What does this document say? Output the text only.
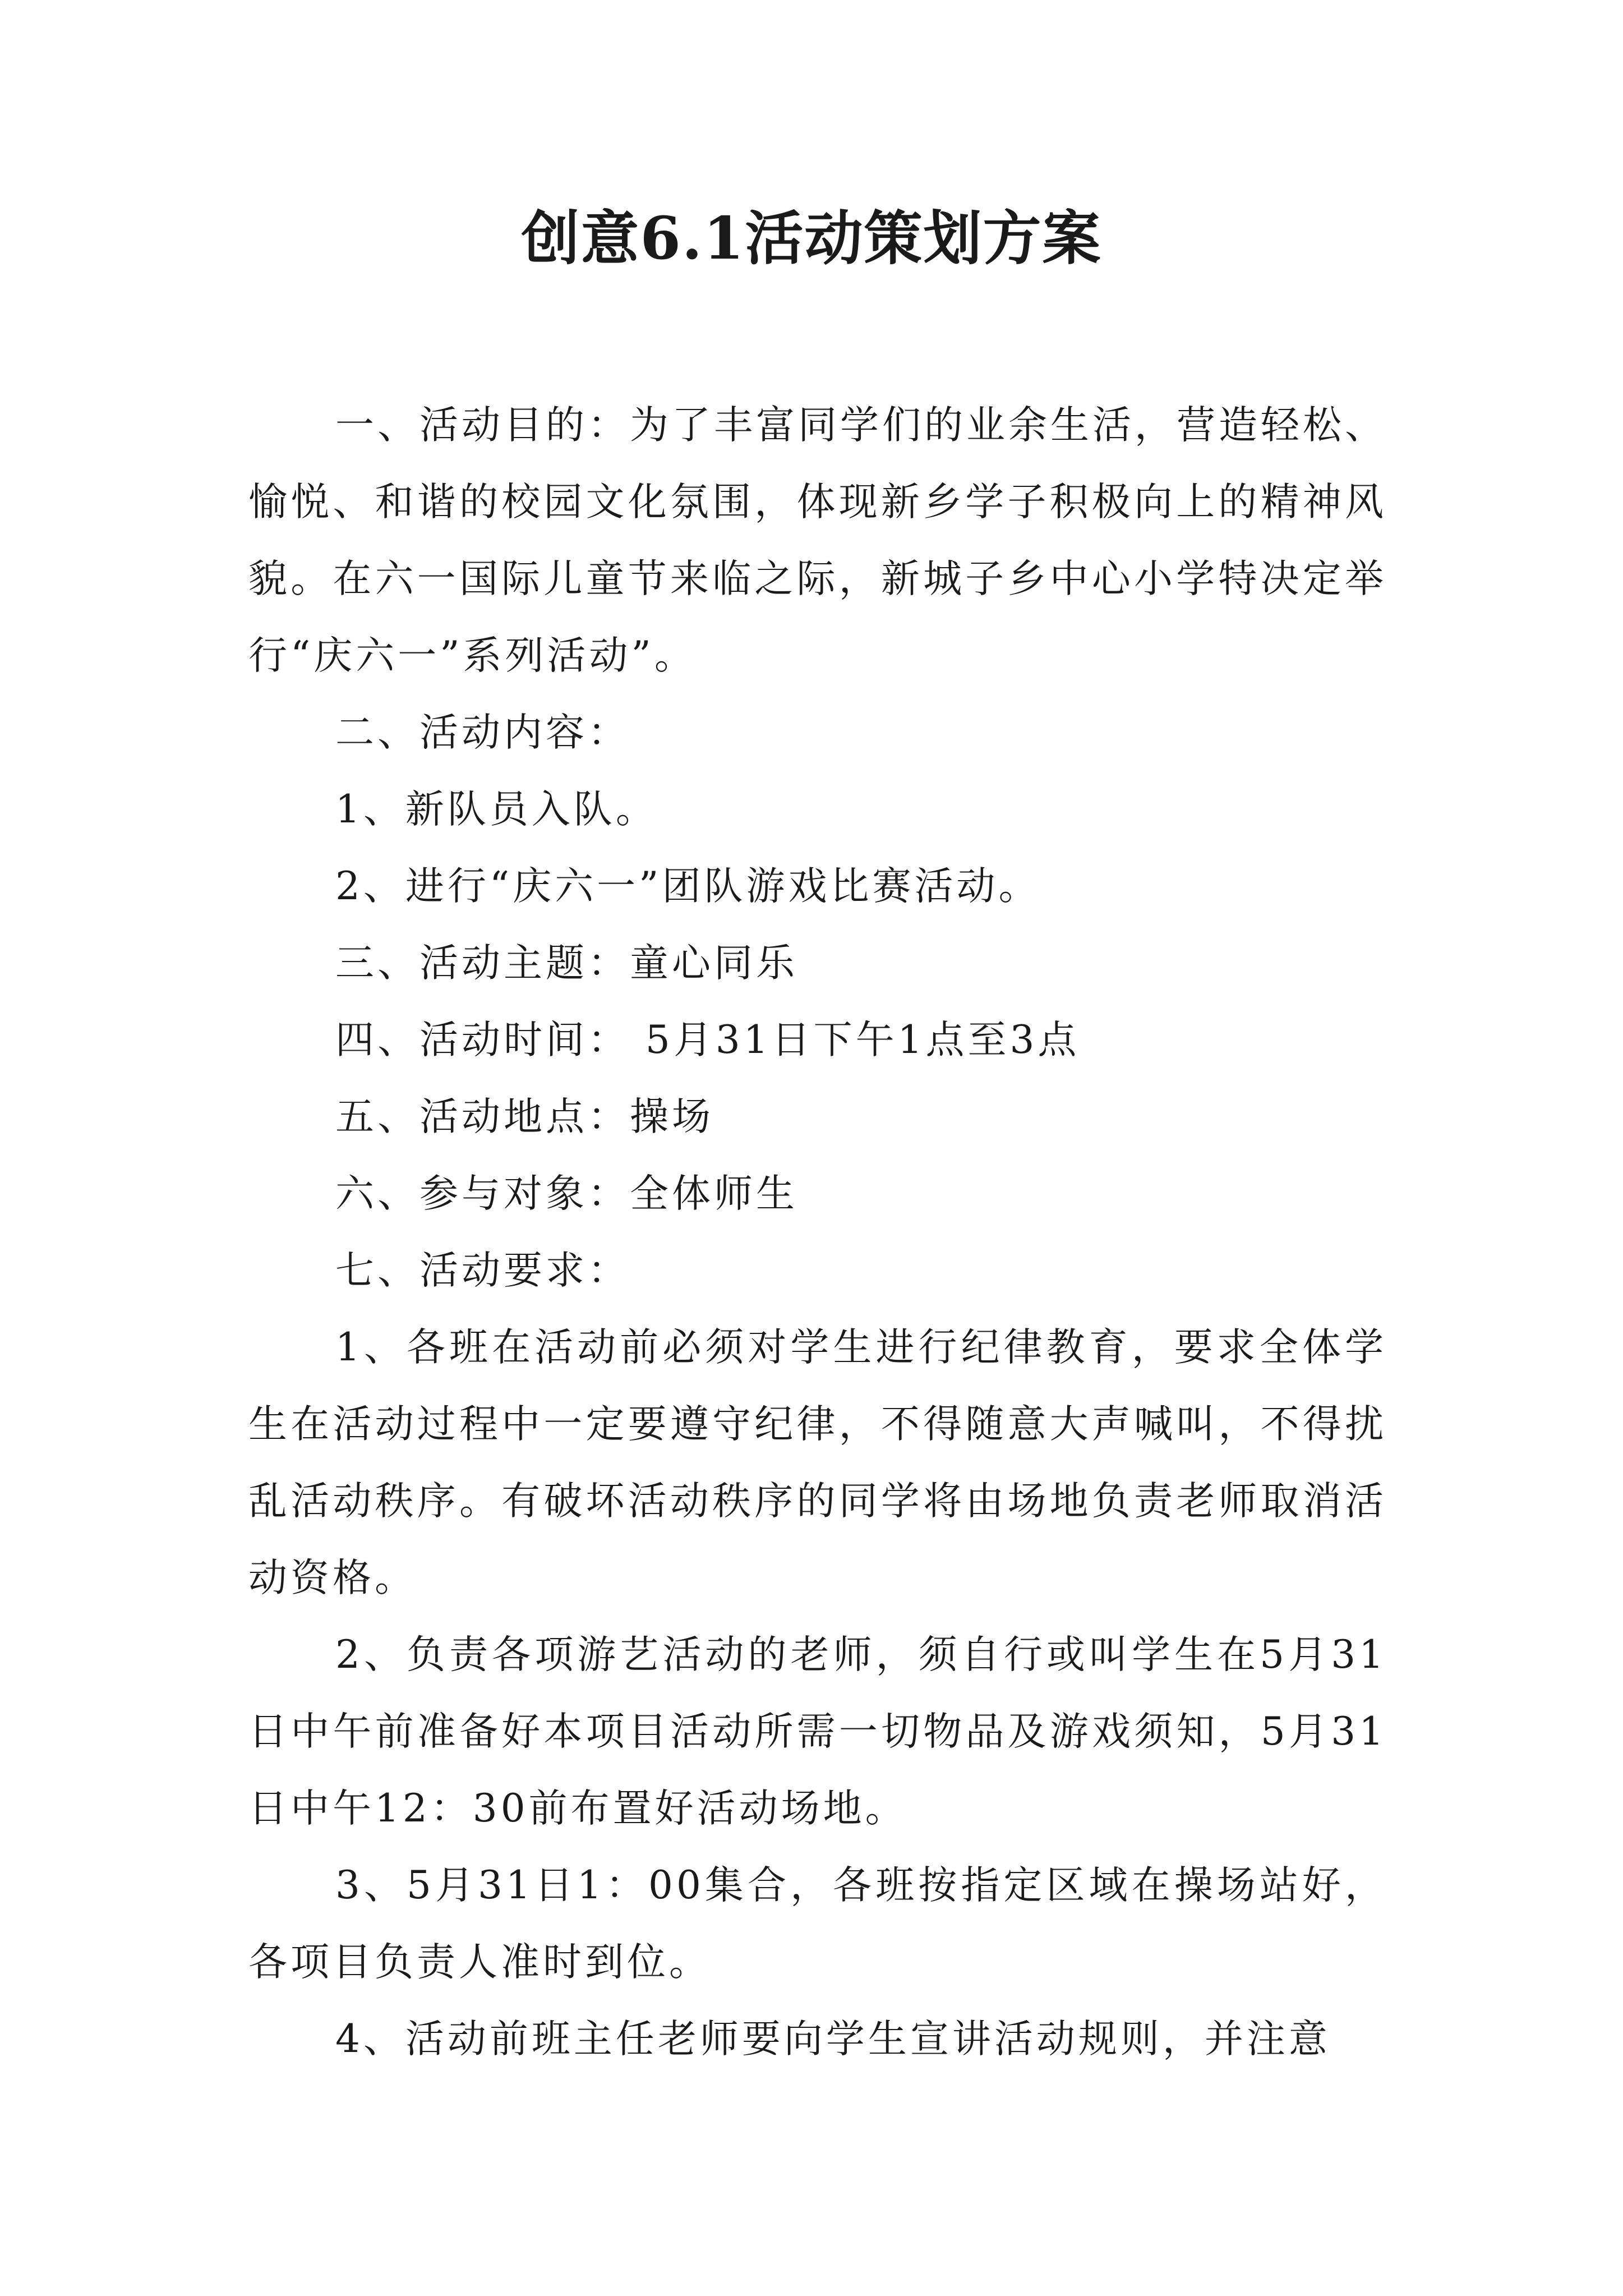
创意6.1活动策划方案

一、活动目的：为了丰富同学们的业余生活，营造轻松、愉悦、和谐的校园文化氛围，体现新乡学子积极向上的精神风貌。在六一国际儿童节来临之际，新城子乡中心小学特决定举行“庆六一”系列活动”。

二、活动内容：

1、新队员入队。

2、进行“庆六一”团队游戏比赛活动。

三、活动主题：童心同乐

四、活动时间： 5月31日下午1点至3点

五、活动地点：操场

六、参与对象：全体师生

七、活动要求：

1、各班在活动前必须对学生进行纪律教育，要求全体学生在活动过程中一定要遵守纪律，不得随意大声喊叫，不得扰乱活动秩序。有破坏活动秩序的同学将由场地负责老师取消活动资格。

2、负责各项游艺活动的老师，须自行或叫学生在5月31日中午前准备好本项目活动所需一切物品及游戏须知，5月31日中午12：30前布置好活动场地。

3、5月31日1：00集合，各班按指定区域在操场站好，各项目负责人准时到位。

4、活动前班主任老师要向学生宣讲活动规则，并注意
